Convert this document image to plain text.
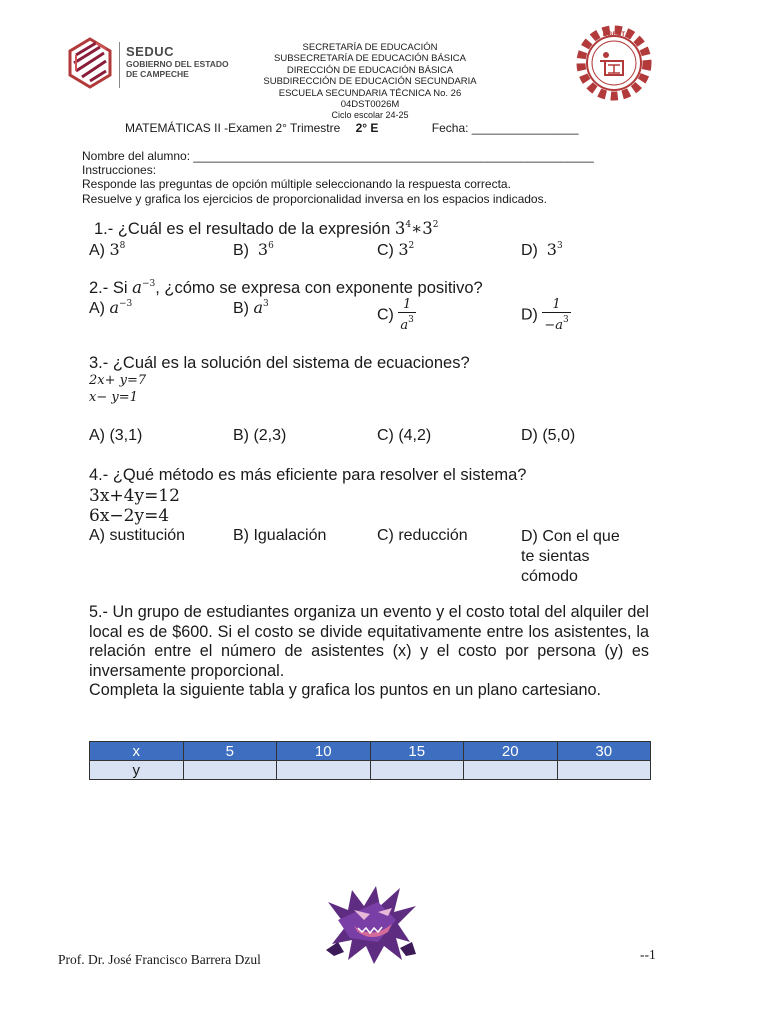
SEDUC
GOBIERNO DEL ESTADO
DE CAMPECHE
DGEST
SECRETARÍA DE EDUCACIÓN
SUBSECRETARÍA DE EDUCACIÓN BÁSICA
DIRECCIÓN DE EDUCACIÓN BÁSICA
SUBDIRECCIÓN DE EDUCACIÓN SECUNDARIA
ESCUELA SECUNDARIA TÉCNICA No. 26
04DST0026M
Ciclo escolar 24-25
MATEMÁTICAS II -Examen 2° Trimestre 2° E	Fecha: ________________
Nombre del alumno: ____________________________________________________________
Instrucciones:
Responde las preguntas de opción múltiple seleccionando la respuesta correcta.
Resuelve y grafica los ejercicios de proporcionalidad inversa en los espacios indicados.
1.- ¿Cuál es el resultado de la expresión $3^4∗3^2$
A) $3^8$	B) $3^6$	C) $3^2$	D) $3^3$
2.- Si $a^{-3}$, ¿cómo se expresa con exponente positivo?
A) $a^{-3}$	B) $a^3$
$C) \frac{1}{a^3}$	$D) \frac{1}{-a^3}$
3.- ¿Cuál es la solución del sistema de ecuaciones?
2x+ y=7
x− y=1
A) (3,1)	B) (2,3)	C) (4,2)	D) (5,0)
4.- ¿Qué método es más eficiente para resolver el sistema?
3x+4y=12
6x−2y=4
A) sustitución	B) Igualación	C) reducción	D) Con el que
te sientas
cómodo

5.- Un grupo de estudiantes organiza un evento y el costo total del alquiler del local es de $600. Si el costo se divide equitativamente entre los asistentes, la relación entre el número de asistentes (x) y el costo por persona (y) es inversamente proporcional.

Completa la siguiente tabla y grafica los puntos en un plano cartesiano.

x	5	10	15	20	30
y					
Prof. Dr. José Francisco Barrera Dzul	--1
